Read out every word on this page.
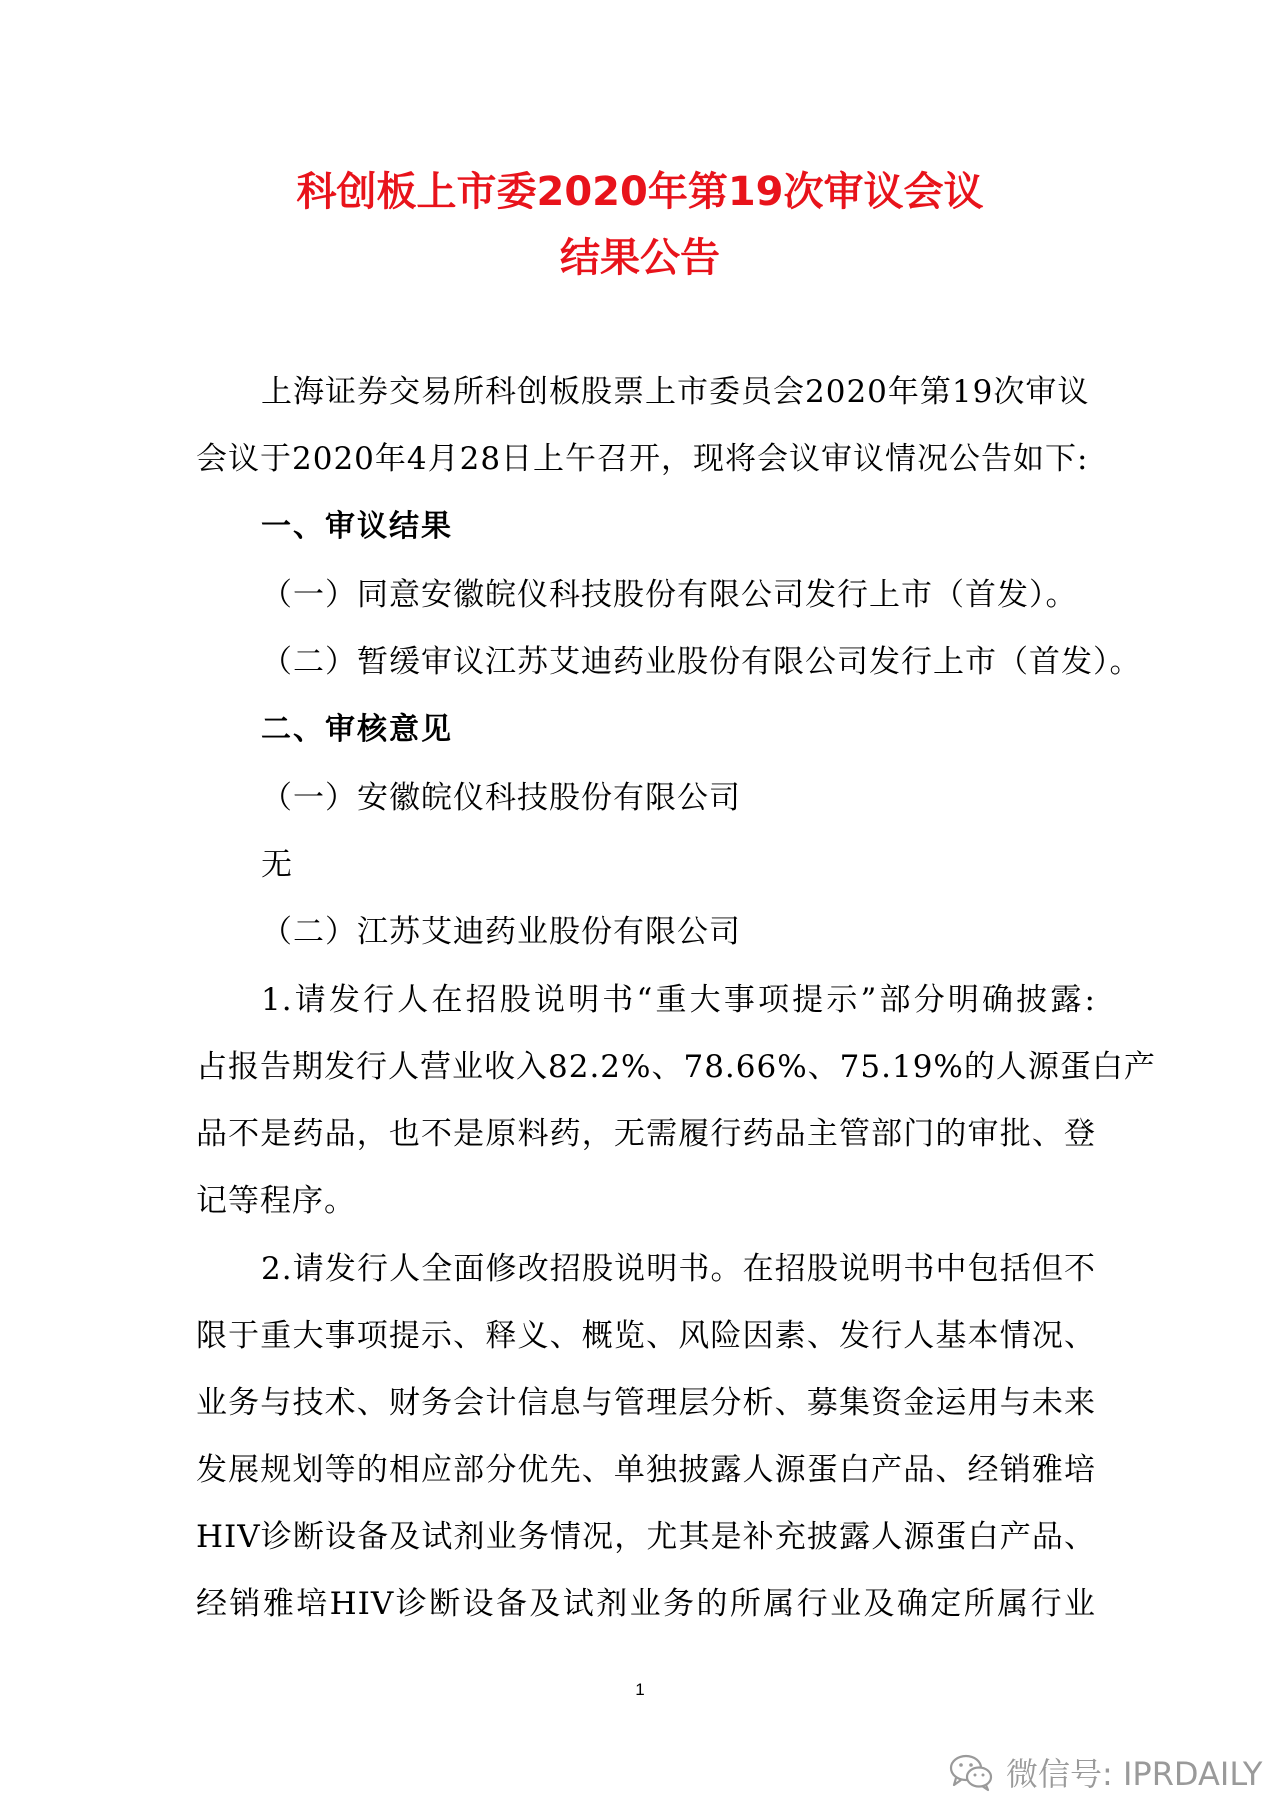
科创板上市委2020年第19次审议会议
结果公告
上海证券交易所科创板股票上市委员会2020年第19次审议
会议于2020年4月28日上午召开，现将会议审议情况公告如下:
一、审议结果
（一）同意安徽皖仪科技股份有限公司发行上市（首发）。
（二）暂缓审议江苏艾迪药业股份有限公司发行上市（首发）。
二、审核意见
（一）安徽皖仪科技股份有限公司
无
（二）江苏艾迪药业股份有限公司
1.请发行人在招股说明书“重大事项提示”部分明确披露:
占报告期发行人营业收入82.2%、78.66%、75.19%的人源蛋白产
品不是药品，也不是原料药，无需履行药品主管部门的审批、登
记等程序。
2.请发行人全面修改招股说明书。在招股说明书中包括但不
限于重大事项提示、释义、概览、风险因素、发行人基本情况、
业务与技术、财务会计信息与管理层分析、募集资金运用与未来
发展规划等的相应部分优先、单独披露人源蛋白产品、经销雅培
HIV诊断设备及试剂业务情况，尤其是补充披露人源蛋白产品、
经销雅培HIV诊断设备及试剂业务的所属行业及确定所属行业
1
微信号: IPRDAILY
